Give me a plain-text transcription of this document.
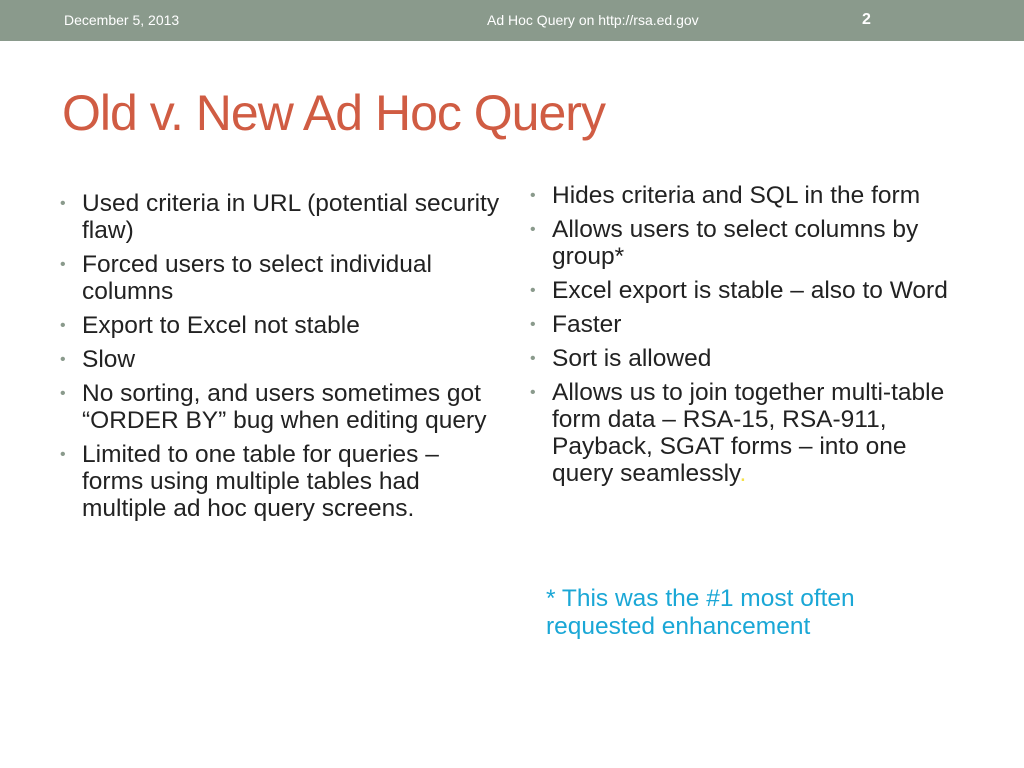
December 5, 2013	Ad Hoc Query on http://rsa.ed.gov	2
Old v. New Ad Hoc Query
• Used criteria in URL (potential security flaw)
• Forced users to select individual columns
• Export to Excel not stable
• Slow
• No sorting, and users sometimes got “ORDER BY” bug when editing query
• Limited to one table for queries – forms using multiple tables had multiple ad hoc query screens.
• Hides criteria and SQL in the form
• Allows users to select columns by group*
• Excel export is stable – also to Word
• Faster
• Sort is allowed
• Allows us to join together multi-table form data – RSA-15, RSA-911, Payback, SGAT forms – into one query seamlessly.
* This was the #1 most often requested enhancement
